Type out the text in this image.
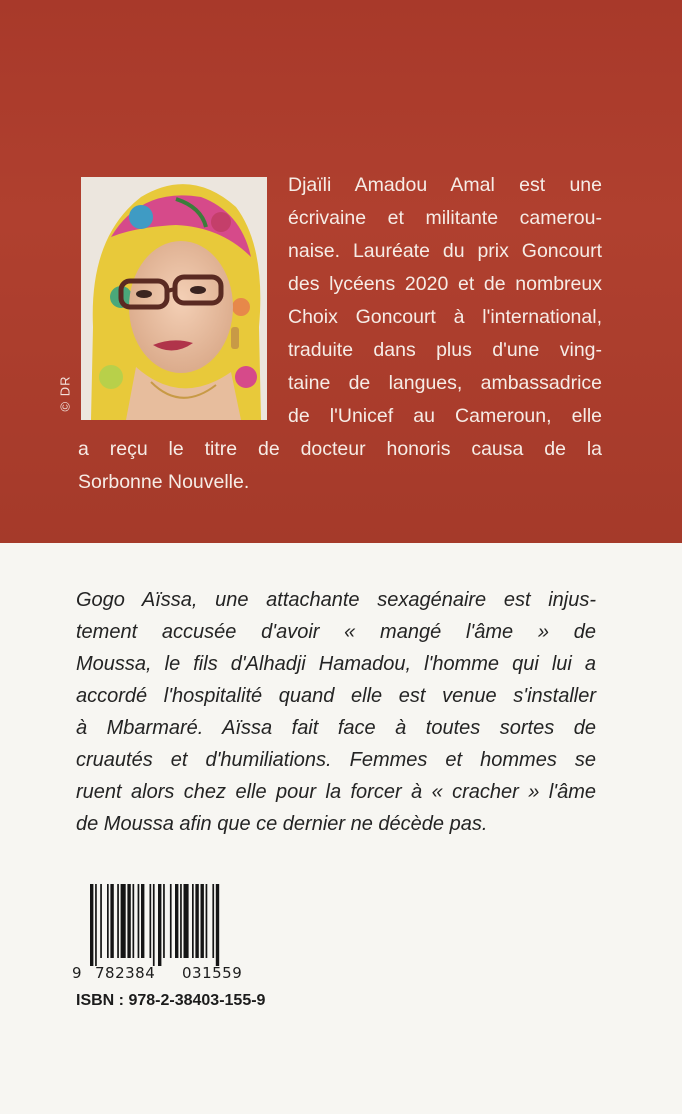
© DR

Djaïli Amadou Amal est une

écrivaine et militante camerou-

naise. Lauréate du prix Goncourt

des lycéens 2020 et de nombreux

Choix Goncourt à l'international,

traduite dans plus d'une ving-

taine de langues, ambassadrice

de l'Unicef au Cameroun, elle

a reçu le titre de docteur honoris causa de la

Sorbonne Nouvelle.

Gogo Aïssa, une attachante sexagénaire est injus-

tement accusée d'avoir « mangé l'âme » de

Moussa, le fils d'Alhadji Hamadou, l'homme qui lui a

accordé l'hospitalité quand elle est venue s'installer

à Mbarmaré. Aïssa fait face à toutes sortes de

cruautés et d'humiliations. Femmes et hommes se

ruent alors chez elle pour la forcer à « cracher » l'âme

de Moussa afin que ce dernier ne décède pas.

9 782384 031559
ISBN : 978-2-38403-155-9
